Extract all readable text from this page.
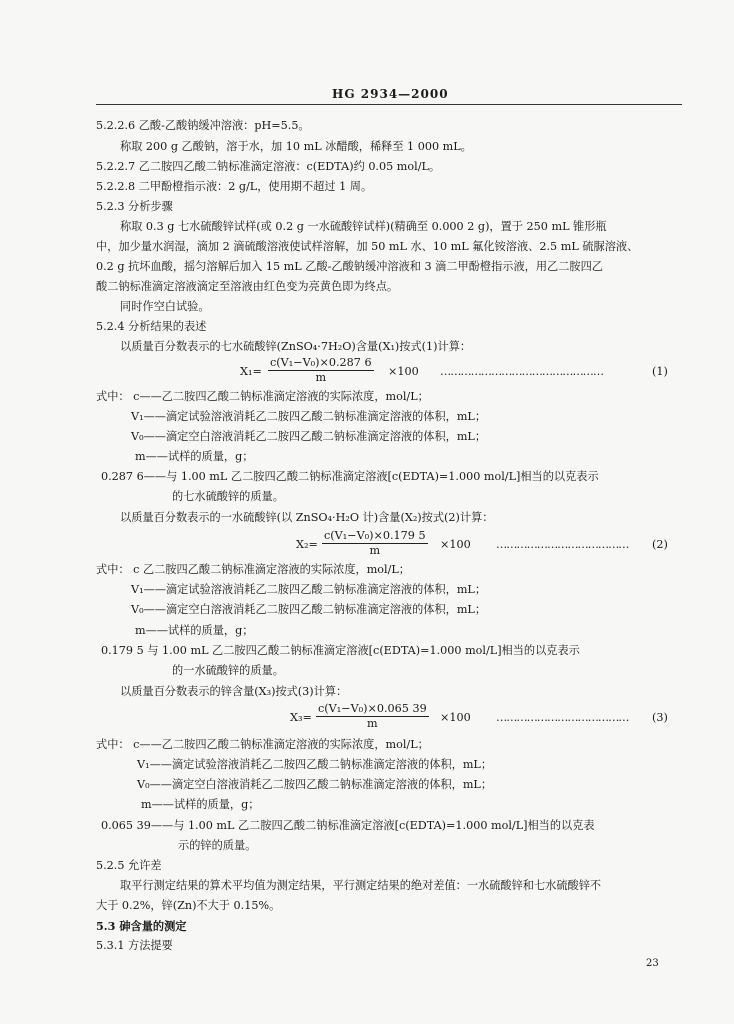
HG 2934—2000
5.2.2.6 乙酸-乙酸钠缓冲溶液：pH=5.5。
称取 200 g 乙酸钠，溶于水，加 10 mL 冰醋酸，稀释至 1 000 mL。
5.2.2.7 乙二胺四乙酸二钠标准滴定溶液：c(EDTA)约 0.05 mol/L。
5.2.2.8 二甲酚橙指示液：2 g/L，使用期不超过 1 周。
5.2.3 分析步骤
称取 0.3 g 七水硫酸锌试样(或 0.2 g 一水硫酸锌试样)(精确至 0.000 2 g)，置于 250 mL 锥形瓶
中，加少量水润湿，滴加 2 滴硫酸溶液使试样溶解，加 50 mL 水、10 mL 氟化铵溶液、2.5 mL 硫脲溶液、
0.2 g 抗坏血酸，摇匀溶解后加入 15 mL 乙酸-乙酸钠缓冲溶液和 3 滴二甲酚橙指示液，用乙二胺四乙
酸二钠标准滴定溶液滴定至溶液由红色变为亮黄色即为终点。
同时作空白试验。
5.2.4 分析结果的表述
以质量百分数表示的七水硫酸锌(ZnSO₄·7H₂O)含量(X₁)按式(1)计算：
$X_1= \frac{\text{c(V₁−V₀)×0.287 6}}{m} \times 100$ …………………………………………	(1)
式中： c——乙二胺四乙酸二钠标准滴定溶液的实际浓度，mol/L；
V₁——滴定试验溶液消耗乙二胺四乙酸二钠标准滴定溶液的体积，mL；
V₀——滴定空白溶液消耗乙二胺四乙酸二钠标准滴定溶液的体积，mL；
m——试样的质量，g；
0.287 6——与 1.00 mL 乙二胺四乙酸二钠标准滴定溶液[c(EDTA)=1.000 mol/L]相当的以克表示
的七水硫酸锌的质量。
以质量百分数表示的一水硫酸锌(以 ZnSO₄·H₂O 计)含量(X₂)按式(2)计算：
$X_2= \frac{\text{c(V₁−V₀)×0.179 5}}{m} \times 100$ ………………………………… (2)
式中： c 乙二胺四乙酸二钠标准滴定溶液的实际浓度，mol/L；
V₁——滴定试验溶液消耗乙二胺四乙酸二钠标准滴定溶液的体积，mL；
V₀——滴定空白溶液消耗乙二胺四乙酸二钠标准滴定溶液的体积，mL；
m——试样的质量，g；
0.179 5 与 1.00 mL 乙二胺四乙酸二钠标准滴定溶液[c(EDTA)=1.000 mol/L]相当的以克表示
的一水硫酸锌的质量。
以质量百分数表示的锌含量(X₃)按式(3)计算：
$X_3= \frac{\text{c(V₁−V₀)×0.065 39}}{m} \times 100$ ………………………………… (3)
式中： c——乙二胺四乙酸二钠标准滴定溶液的实际浓度，mol/L；
V₁——滴定试验溶液消耗乙二胺四乙酸二钠标准滴定溶液的体积，mL；
V₀——滴定空白溶液消耗乙二胺四乙酸二钠标准滴定溶液的体积，mL；
m——试样的质量，g；
0.065 39——与 1.00 mL 乙二胺四乙酸二钠标准滴定溶液[c(EDTA)=1.000 mol/L]相当的以克表
示的锌的质量。
5.2.5 允许差
取平行测定结果的算术平均值为测定结果，平行测定结果的绝对差值：一水硫酸锌和七水硫酸锌不
大于 0.2%，锌(Zn)不大于 0.15%。
5.3 砷含量的测定
5.3.1 方法提要
23
